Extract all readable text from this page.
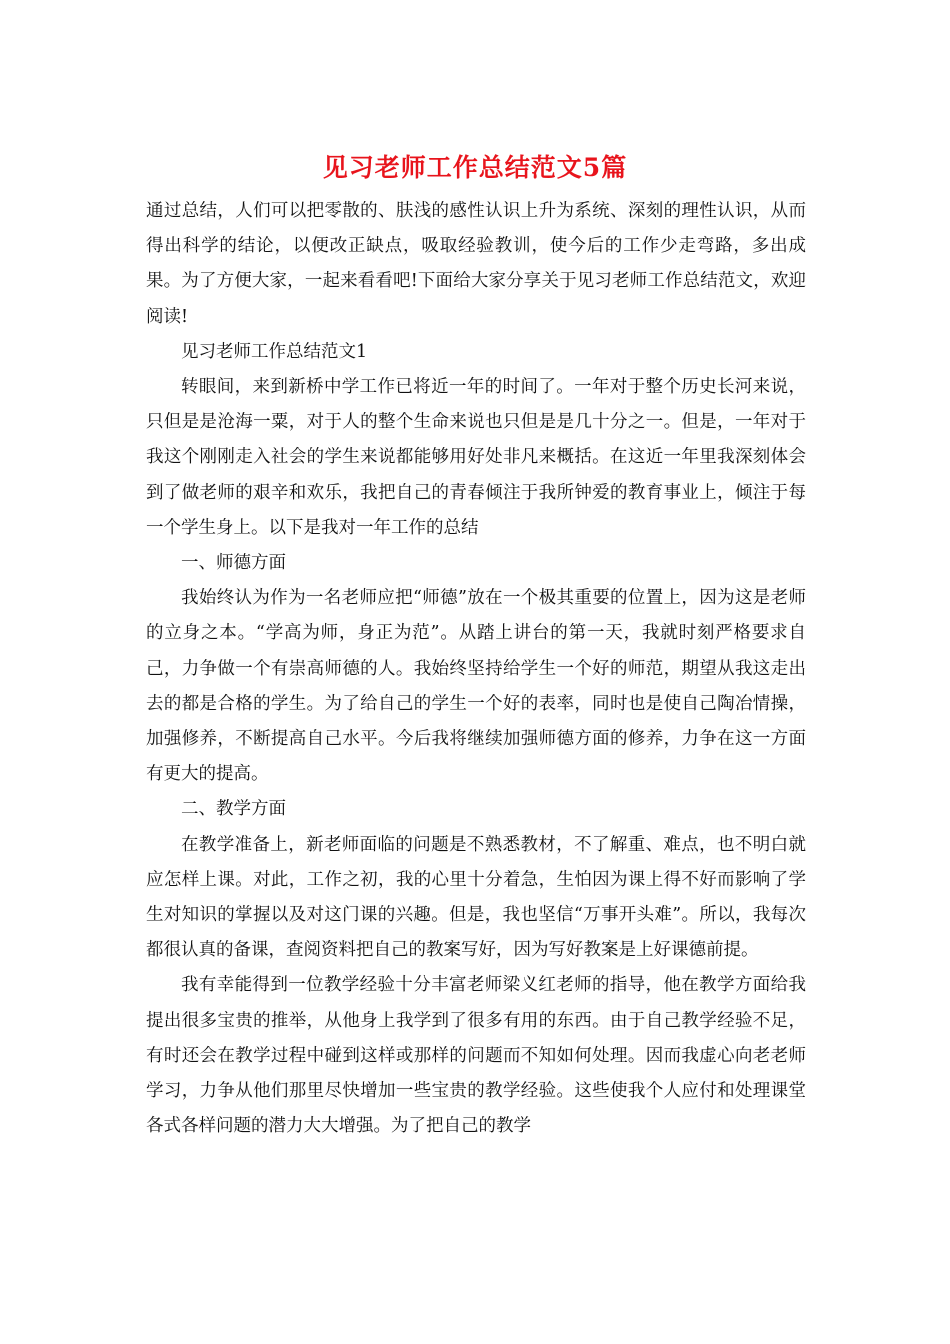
见习老师工作总结范文5篇

通过总结，人们可以把零散的、肤浅的感性认识上升为系统、深刻的理性认识，从而得出科学的结论，以便改正缺点，吸取经验教训，使今后的工作少走弯路，多出成果。为了方便大家，一起来看看吧!下面给大家分享关于见习老师工作总结范文，欢迎阅读!

见习老师工作总结范文1

转眼间，来到新桥中学工作已将近一年的时间了。一年对于整个历史长河来说，只但是是沧海一粟，对于人的整个生命来说也只但是是几十分之一。但是，一年对于我这个刚刚走入社会的学生来说都能够用好处非凡来概括。在这近一年里我深刻体会到了做老师的艰辛和欢乐，我把自己的青春倾注于我所钟爱的教育事业上，倾注于每一个学生身上。以下是我对一年工作的总结

一、师德方面

我始终认为作为一名老师应把“师德”放在一个极其重要的位置上，因为这是老师的立身之本。“学高为师，身正为范”。从踏上讲台的第一天，我就时刻严格要求自己，力争做一个有崇高师德的人。我始终坚持给学生一个好的师范，期望从我这走出去的都是合格的学生。为了给自己的学生一个好的表率，同时也是使自己陶冶情操，加强修养，不断提高自己水平。今后我将继续加强师德方面的修养，力争在这一方面有更大的提高。

二、教学方面

在教学准备上，新老师面临的问题是不熟悉教材，不了解重、难点，也不明白就应怎样上课。对此，工作之初，我的心里十分着急，生怕因为课上得不好而影响了学生对知识的掌握以及对这门课的兴趣。但是，我也坚信“万事开头难”。所以，我每次都很认真的备课，查阅资料把自己的教案写好，因为写好教案是上好课德前提。

我有幸能得到一位教学经验十分丰富老师梁义红老师的指导，他在教学方面给我提出很多宝贵的推举，从他身上我学到了很多有用的东西。由于自己教学经验不足，有时还会在教学过程中碰到这样或那样的问题而不知如何处理。因而我虚心向老老师学习，力争从他们那里尽快增加一些宝贵的教学经验。这些使我个人应付和处理课堂各式各样问题的潜力大大增强。为了把自己的教学
